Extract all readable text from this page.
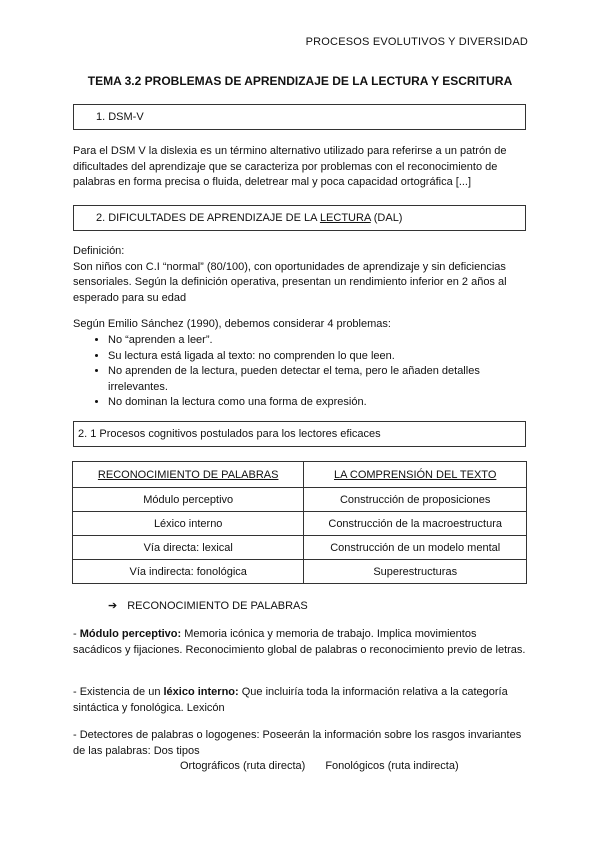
PROCESOS EVOLUTIVOS Y DIVERSIDAD
TEMA 3.2 PROBLEMAS DE APRENDIZAJE DE LA LECTURA Y ESCRITURA
1. DSM-V
Para el DSM V la dislexia es un término alternativo utilizado para referirse a un patrón de dificultades del aprendizaje que se caracteriza por problemas con el reconocimiento de palabras en forma precisa o fluida, deletrear mal y poca capacidad ortográfica [...]
2. DIFICULTADES DE APRENDIZAJE DE LA LECTURA (DAL)
Definición:
Son niños con C.I “normal” (80/100), con oportunidades de aprendizaje y sin deficiencias sensoriales. Según la definición operativa, presentan un rendimiento inferior en 2 años al esperado para su edad
Según Emilio Sánchez (1990), debemos considerar 4 problemas:
• No “aprenden a leer”.
• Su lectura está ligada al texto: no comprenden lo que leen.
• No aprenden de la lectura, pueden detectar el tema, pero le añaden detalles irrelevantes.
• No dominan la lectura como una forma de expresión.
2. 1 Procesos cognitivos postulados para los lectores eficaces
RECONOCIMIENTO DE PALABRAS	LA COMPRENSIÓN DEL TEXTO
Módulo perceptivo	Construcción de proposiciones
Léxico interno	Construcción de la macroestructura
Vía directa: lexical	Construcción de un modelo mental
Vía indirecta: fonológica	Superestructuras
➔ RECONOCIMIENTO DE PALABRAS
- Módulo perceptivo: Memoria icónica y memoria de trabajo. Implica movimientos sacádicos y fijaciones. Reconocimiento global de palabras o reconocimiento previo de letras.
- Existencia de un léxico interno: Que incluiría toda la información relativa a la categoría sintáctica y fonológica. Lexicón
- Detectores de palabras o logogenes: Poseerán la información sobre los rasgos invariantes de las palabras: Dos tipos
Ortográficos (ruta directa) Fonológicos (ruta indirecta)
